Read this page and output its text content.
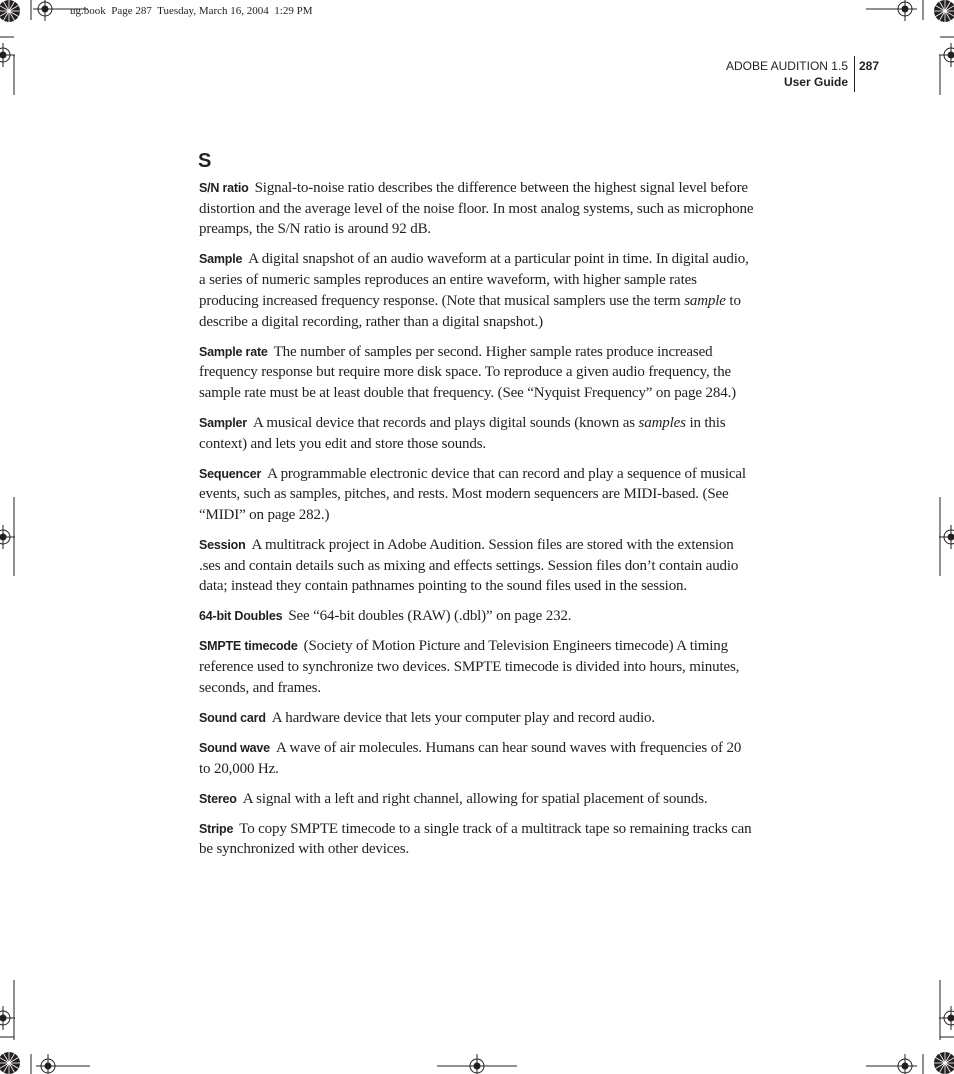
ug.book  Page 287  Tuesday, March 16, 2004  1:29 PM
ADOBE AUDITION 1.5
User Guide
287
S

S/N ratio Signal-to-noise ratio describes the difference between the highest signal level before distortion and the average level of the noise floor. In most analog systems, such as microphone preamps, the S/N ratio is around 92 dB.

Sample A digital snapshot of an audio waveform at a particular point in time. In digital audio, a series of numeric samples reproduces an entire waveform, with higher sample rates producing increased frequency response. (Note that musical samplers use the term sample to describe a digital recording, rather than a digital snapshot.)

Sample rate The number of samples per second. Higher sample rates produce increased frequency response but require more disk space. To reproduce a given audio frequency, the sample rate must be at least double that frequency. (See “Nyquist Frequency” on page 284.)

Sampler A musical device that records and plays digital sounds (known as samples in this context) and lets you edit and store those sounds.

Sequencer A programmable electronic device that can record and play a sequence of musical events, such as samples, pitches, and rests. Most modern sequencers are MIDI-based. (See “MIDI” on page 282.)

Session A multitrack project in Adobe Audition. Session files are stored with the extension .ses and contain details such as mixing and effects settings. Session files don’t contain audio data; instead they contain pathnames pointing to the sound files used in the session.

64-bit Doubles See “64-bit doubles (RAW) (.dbl)” on page 232.

SMPTE timecode (Society of Motion Picture and Television Engineers timecode) A timing reference used to synchronize two devices. SMPTE timecode is divided into hours, minutes, seconds, and frames.

Sound card A hardware device that lets your computer play and record audio.

Sound wave A wave of air molecules. Humans can hear sound waves with frequencies of 20 to 20,000 Hz.

Stereo A signal with a left and right channel, allowing for spatial placement of sounds.

Stripe To copy SMPTE timecode to a single track of a multitrack tape so remaining tracks can be synchronized with other devices.
